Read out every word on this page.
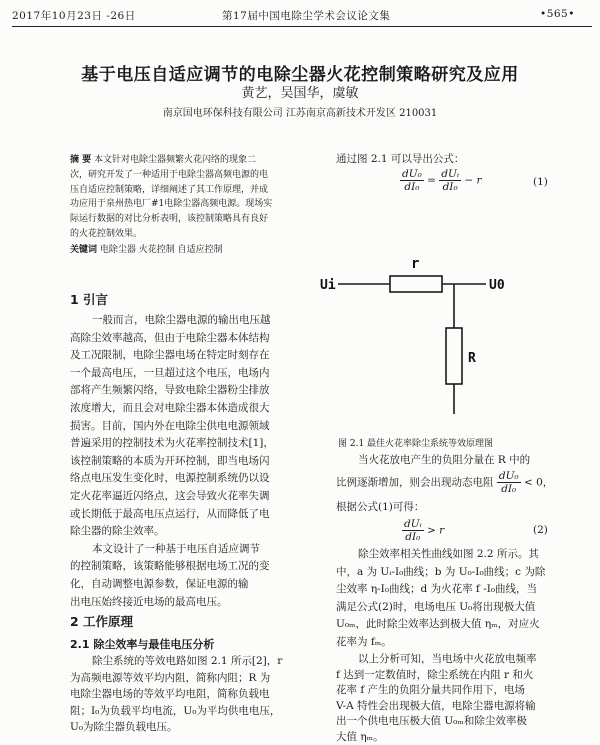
2017年10月23日 -26日	第17届中国电除尘学术会议论文集	•565•
基于电压自适应调节的电除尘器火花控制策略研究及应用
黄艺，吴国华，虞敏
南京国电环保科技有限公司 江苏南京高新技术开发区 210031
摘 要 本文针对电除尘器频繁火花闪络的现象二
次，研究开发了一种适用于电除尘器高频电源的电
压自适应控制策略，详细阐述了其工作原理，并成
功应用于泉州热电厂#1电除尘器高频电源。现场实
际运行数据的对比分析表明，该控制策略具有良好
的火花控制效果。
关键词 电除尘器 火花控制 自适应控制
1 引言
一般而言，电除尘器电源的输出电压越
高除尘效率越高，但由于电除尘器本体结构
及工况限制，电除尘器电场在特定时刻存在
一个最高电压，一旦超过这个电压，电场内
部将产生频繁闪络，导致电除尘器粉尘排放
浓度增大，而且会对电除尘器本体造成很大
损害。目前，国内外在电除尘供电电源领域
普遍采用的控制技术为火花率控制技术[1]，
该控制策略的本质为开环控制，即当电场闪
络点电压发生变化时，电源控制系统仍以设
定火花率逼近闪络点，这会导致火花率失调
或长期低于最高电压点运行，从而降低了电
除尘器的除尘效率。
本文设计了一种基于电压自适应调节
的控制策略，该策略能够根据电场工况的变
化，自动调整电源参数，保证电源的输
出电压始终接近电场的最高电压。
2 工作原理
2.1 除尘效率与最佳电压分析
除尘系统的等效电路如图 2.1 所示[2]，r
为高频电源等效平均内阻，简称内阻；R 为
电除尘器电场的等效平均电阻，简称负载电
阻；I₀为负载平均电流，U₀为平均供电电压，
U₀为除尘器负载电压。
通过图 2.1 可以导出公式：
$\frac{\text{dU₀}}{\text{dI₀}} = \frac{\text{dUᵢ}}{\text{dI₀}} - r$	(1)
Ui	U0
r
R
图 2.1 最佳火花率除尘系统等效原理图
当火花放电产生的负阻分量在 R 中的
比例逐渐增加，则会出现动态电阻 $\frac{\text{dU₀}}{\text{dI₀}} < 0$，
根据公式(1)可得：
$\frac{\text{dUᵢ}}{\text{dI₀}} > r$	(2)
除尘效率相关性曲线如图 2.2 所示。其
中，a 为 Uᵢ-I₀曲线；b 为 U₀-I₀曲线；c 为除
尘效率 η-I₀曲线；d 为火花率 f -I₀曲线，当
满足公式(2)时，电场电压 U₀将出现极大值
U₀ₘ，此时除尘效率达到极大值 ηₘ，对应火
花率为 fₘ。
以上分析可知，当电场中火花放电频率
f 达到一定数值时，除尘系统在内阻 r 和火
花率 f 产生的负阻分量共同作用下，电场
V-A 特性会出现极大值，电除尘器电源将输
出一个供电电压极大值 U₀ₘ和除尘效率极
大值 ηₘ。
